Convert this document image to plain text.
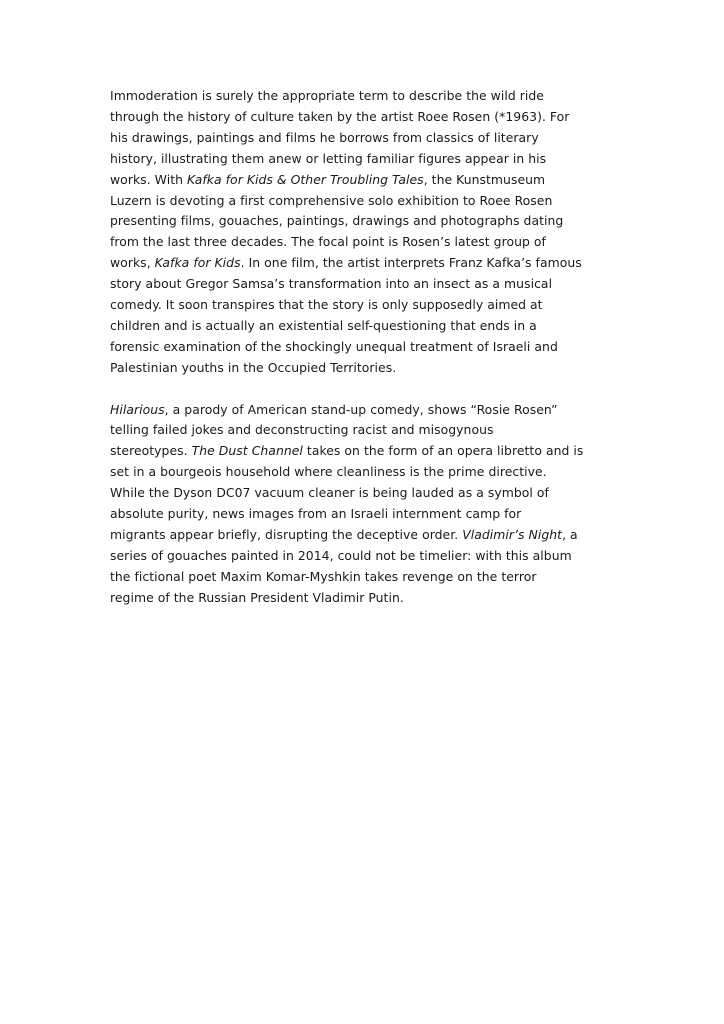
Immoderation is surely the appropriate term to describe the wild ride
through the history of culture taken by the artist Roee Rosen (*1963). For
his drawings, paintings and films he borrows from classics of literary
history, illustrating them anew or letting familiar figures appear in his
works. With Kafka for Kids & Other Troubling Tales, the Kunstmuseum
Luzern is devoting a first comprehensive solo exhibition to Roee Rosen
presenting films, gouaches, paintings, drawings and photographs dating
from the last three decades. The focal point is Rosen’s latest group of
works, Kafka for Kids. In one film, the artist interprets Franz Kafka’s famous
story about Gregor Samsa’s transformation into an insect as a musical
comedy. It soon transpires that the story is only supposedly aimed at
children and is actually an existential self-questioning that ends in a
forensic examination of the shockingly unequal treatment of Israeli and
Palestinian youths in the Occupied Territories.

Hilarious, a parody of American stand-up comedy, shows “Rosie Rosen”
telling failed jokes and deconstructing racist and misogynous
stereotypes. The Dust Channel takes on the form of an opera libretto and is
set in a bourgeois household where cleanliness is the prime directive.
While the Dyson DC07 vacuum cleaner is being lauded as a symbol of
absolute purity, news images from an Israeli internment camp for
migrants appear briefly, disrupting the deceptive order. Vladimir’s Night, a
series of gouaches painted in 2014, could not be timelier: with this album
the fictional poet Maxim Komar-Myshkin takes revenge on the terror
regime of the Russian President Vladimir Putin.
